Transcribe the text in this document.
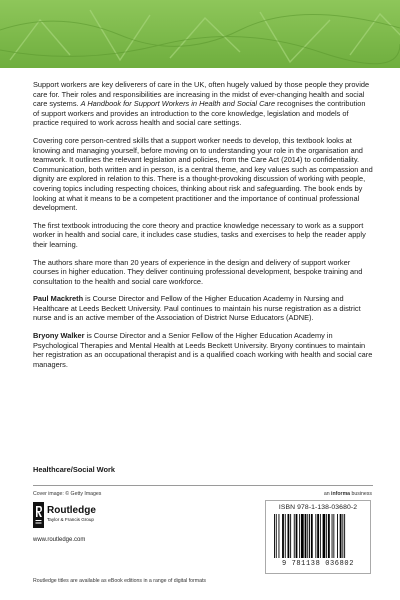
Support workers are key deliverers of care in the UK, often hugely valued by those people they provide care for. Their roles and responsibilities are increasing in the midst of ever-changing health and social care systems. A Handbook for Support Workers in Health and Social Care recognises the contribution of support workers and provides an introduction to the core knowledge, legislation and models of practice required to work across health and social care settings.

Covering core person-centred skills that a support worker needs to develop, this textbook looks at knowing and managing yourself, before moving on to understanding your role in the organisation and teamwork. It outlines the relevant legislation and policies, from the Care Act (2014) to confidentiality. Communication, both written and in person, is a central theme, and key values such as compassion and dignity are explored in relation to this. There is a thought-provoking discussion of working with people, covering topics including respecting choices, thinking about risk and safeguarding. The book ends by looking at what it means to be a competent practitioner and the importance of continual professional development.

The first textbook introducing the core theory and practice knowledge necessary to work as a support worker in health and social care, it includes case studies, tasks and exercises to help the reader apply their learning.

The authors share more than 20 years of experience in the design and delivery of support worker courses in higher education. They deliver continuing professional development, bespoke training and consultation to the health and social care workforce.

Paul Mackreth is Course Director and Fellow of the Higher Education Academy in Nursing and Healthcare at Leeds Beckett University. Paul continues to maintain his nurse registration as a district nurse and is an active member of the Association of District Nurse Educators (ADNE).

Bryony Walker is Course Director and a Senior Fellow of the Higher Education Academy in Psychological Therapies and Mental Health at Leeds Beckett University. Bryony continues to maintain her registration as an occupational therapist and is a qualified coach working with health and social care managers.

Healthcare/Social Work
Cover image: © Getty Images	an informa business
Routledge
Taylor & Francis Group
www.routledge.com
ISBN 978-1-138-03680-2
9 781138 036802
Routledge titles are available as eBook editions in a range of digital formats
